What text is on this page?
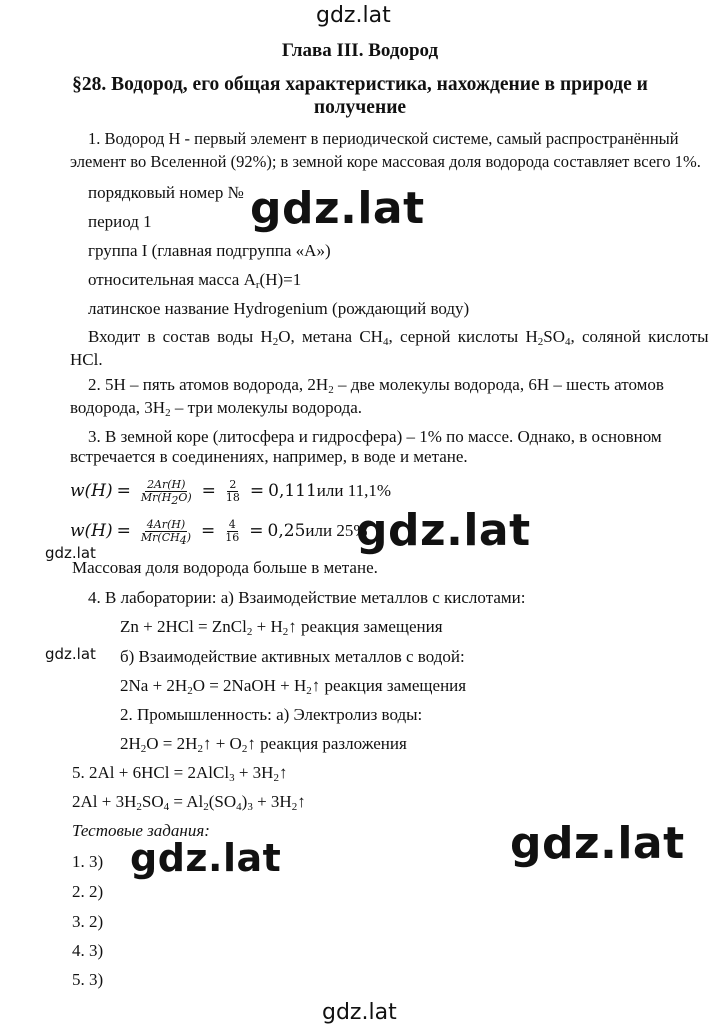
gdz.lat
gdz.lat
gdz.lat
gdz.lat
gdz.lat
gdz.lat	gdz.lat
gdz.lat
Глава III. Водород
§28. Водород, его общая характеристика, нахождение в природе и
получение
1. Водород Н - первый элемент в периодической системе, самый распространённый
элемент во Вселенной (92%); в земной коре массовая доля водорода составляет всего 1%.
порядковый номер №
период 1
группа I (главная подгруппа «А»)
относительная масса $A_r(H)=1$
латинское название Hydrogenium (рождающий воду)
Входит в состав воды $H_2O$, метана $CH_4$, серной кислоты $H_2SO_4$, соляной кислоты
HCl.
2. 5H – пять атомов водорода, $2H_2$ – две молекулы водорода, 6H – шесть атомов
водорода, $3H_2$ – три молекулы водорода.
3. В земной коре (литосфера и гидросфера) – 1% по массе. Однако, в основном
встречается в соединениях, например, в воде и метане.
$w(H) = \frac{2Ar(H)}{Mr(H_2O)} = \frac{2}{18} = 0,111$ или 11,1%
$w(H) = \frac{4Ar(H)}{Mr(CH_4)} = \frac{4}{16} = 0,25$ или 25%
Массовая доля водорода больше в метане.
4. В лаборатории: а) Взаимодействие металлов с кислотами:
Zn + 2HCl = ZnCl$_2$ + $H_2↑$ реакция замещения
б) Взаимодействие активных металлов с водой:
$2Na + 2H_2O$ = 2NaOH + $H_2↑$ реакция замещения
2. Промышленность: а) Электролиз воды:
$2H_2O$ = $2H_2↑$ + $O_2↑$ реакция разложения
5. 2Al + 6HCl = 2AlCl$_3$ + $3H_2↑$
$2Al + 3H_2SO_4 = Al_2(SO_4)_3$ + $3H_2↑$
Тестовые задания:
1. 3)
2. 2)
3. 2)
4. 3)
5. 3)
